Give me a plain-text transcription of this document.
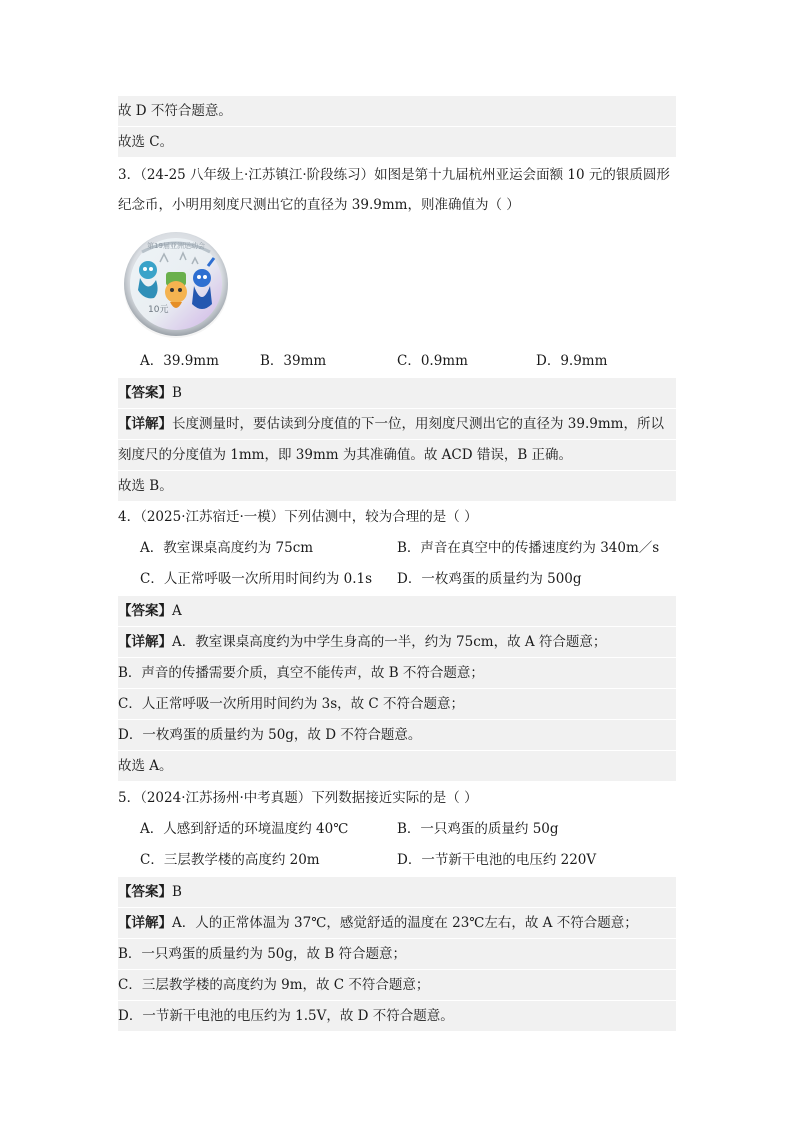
故 D 不符合题意。
故选 C。
3．（24-25 八年级上·江苏镇江·阶段练习）如图是第十九届杭州亚运会面额 10 元的银质圆形
纪念币，小明用刻度尺测出它的直径为 39.9mm，则准确值为（ ）
第19届亚洲运动会
10元
A．39.9mm	B．39mm	C．0.9mm	D．9.9mm
【答案】B
【详解】长度测量时，要估读到分度值的下一位，用刻度尺测出它的直径为 39.9mm，所以
刻度尺的分度值为 1mm，即 39mm 为其准确值。故 ACD 错误，B 正确。
故选 B。
4．（2025·江苏宿迁·一模）下列估测中，较为合理的是（ ）
A．教室课桌高度约为 75cm	B．声音在真空中的传播速度约为 340m／s
C．人正常呼吸一次所用时间约为 0.1s D．一枚鸡蛋的质量约为 500g
【答案】A
【详解】A．教室课桌高度约为中学生身高的一半，约为 75cm，故 A 符合题意；
B．声音的传播需要介质，真空不能传声，故 B 不符合题意；
C．人正常呼吸一次所用时间约为 3s，故 C 不符合题意；
D．一枚鸡蛋的质量约为 50g，故 D 不符合题意。
故选 A。
5．（2024·江苏扬州·中考真题）下列数据接近实际的是（ ）
A．人感到舒适的环境温度约 40℃	B．一只鸡蛋的质量约 50g
C．三层教学楼的高度约 20m	D．一节新干电池的电压约 220V
【答案】B
【详解】A．人的正常体温为 37℃，感觉舒适的温度在 23℃左右，故 A 不符合题意；
B．一只鸡蛋的质量约为 50g，故 B 符合题意；
C．三层教学楼的高度约为 9m，故 C 不符合题意；
D．一节新干电池的电压约为 1.5V，故 D 不符合题意。
